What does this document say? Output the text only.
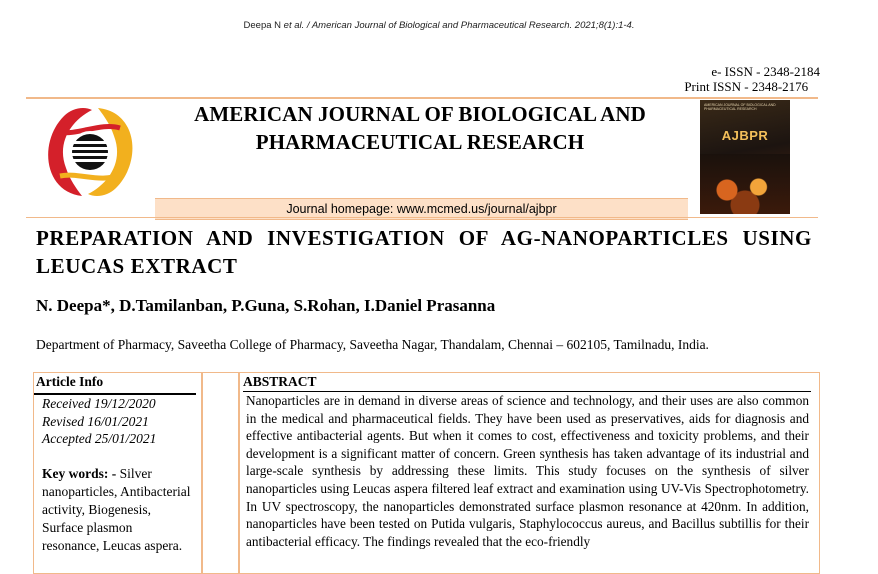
Deepa N et al. / American Journal of Biological and Pharmaceutical Research. 2021;8(1):1-4.
e- ISSN - 2348-2184
Print ISSN - 2348-2176
AMERICAN JOURNAL OF BIOLOGICAL AND
PHARMACEUTICAL RESEARCH
AMERICAN JOURNAL OF BIOLOGICAL AND PHARMACEUTICAL RESEARCH
AJBPR
Journal homepage: www.mcmed.us/journal/ajbpr
PREPARATION AND INVESTIGATION OF AG-NANOPARTICLES USING LEUCAS EXTRACT
N. Deepa*, D.Tamilanban, P.Guna, S.Rohan, I.Daniel Prasanna
Department of Pharmacy, Saveetha College of Pharmacy, Saveetha Nagar, Thandalam, Chennai – 602105, Tamilnadu, India.
Article Info
Received 19/12/2020
Revised 16/01/2021
Accepted 25/01/2021
Key words: - Silver nanoparticles, Antibacterial activity, Biogenesis, Surface plasmon resonance, Leucas aspera.
ABSTRACT
Nanoparticles are in demand in diverse areas of science and technology, and their uses are also common in the medical and pharmaceutical fields. They have been used as preservatives, aids for diagnosis and effective antibacterial agents. But when it comes to cost, effectiveness and toxicity problems, and their development is a significant matter of concern. Green synthesis has taken advantage of its industrial and large-scale synthesis by addressing these limits. This study focuses on the synthesis of silver nanoparticles using Leucas aspera filtered leaf extract and examination using UV-Vis Spectrophotometry. In UV spectroscopy, the nanoparticles demonstrated surface plasmon resonance at 420nm. In addition, nanoparticles have been tested on Putida vulgaris, Staphylococcus aureus, and Bacillus subtillis for their antibacterial efficacy. The findings revealed that the eco-friendly
